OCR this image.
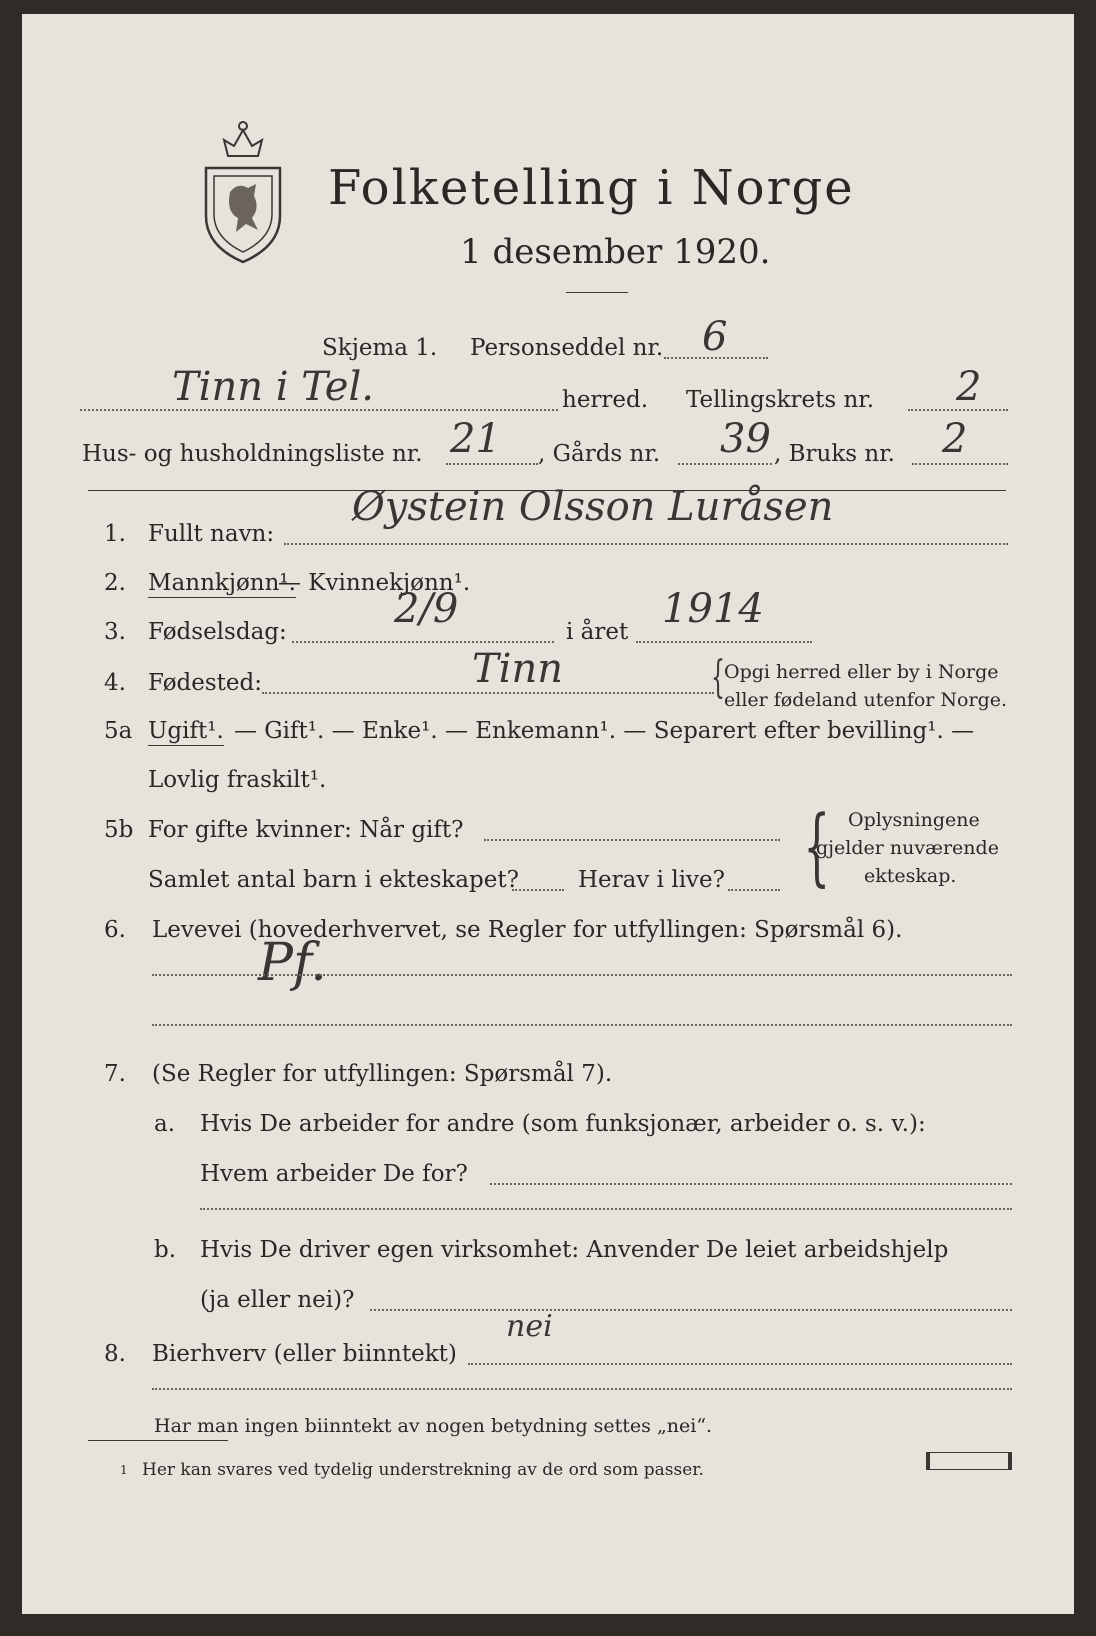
Folketelling i Norge
1 desember 1920.
Skjema 1. Personseddel nr. 6
Tinn i Tel.	herred. Tellingskrets nr. 2
Hus- og husholdningsliste nr. 21 , Gårds nr. 39 , Bruks nr. 2
1. Fullt navn:
Øystein Olsson Luråsen
2. Mannkjønn¹.
— Kvinnekjønn¹.
3. Fødselsdag:	2/9	i året 1914
4. Fødested:	Tinn	{ Opgi herred eller by i Norge
eller fødeland utenfor Norge.
5a Ugift¹. — Gift¹. — Enke¹. — Enkemann¹. — Separert efter bevilling¹. —
Lovlig fraskilt¹.
5b For gifte kvinner: Når gift?
Samlet antal barn i ekteskapet?	Herav i live? { Oplysningene
gjelder nuværende
ekteskap.
6. Levevei (hovederhvervet, se Regler for utfyllingen: Spørsmål 6).
Pf.
7. (Se Regler for utfyllingen: Spørsmål 7).
a. Hvis De arbeider for andre (som funksjonær, arbeider o. s. v.):
Hvem arbeider De for?
b. Hvis De driver egen virksomhet: Anvender De leiet arbeidshjelp
(ja eller nei)?
8. Bierhverv (eller biinntekt)
nei
Har man ingen biinntekt av nogen betydning settes „nei“.
1 Her kan svares ved tydelig understrekning av de ord som passer.
